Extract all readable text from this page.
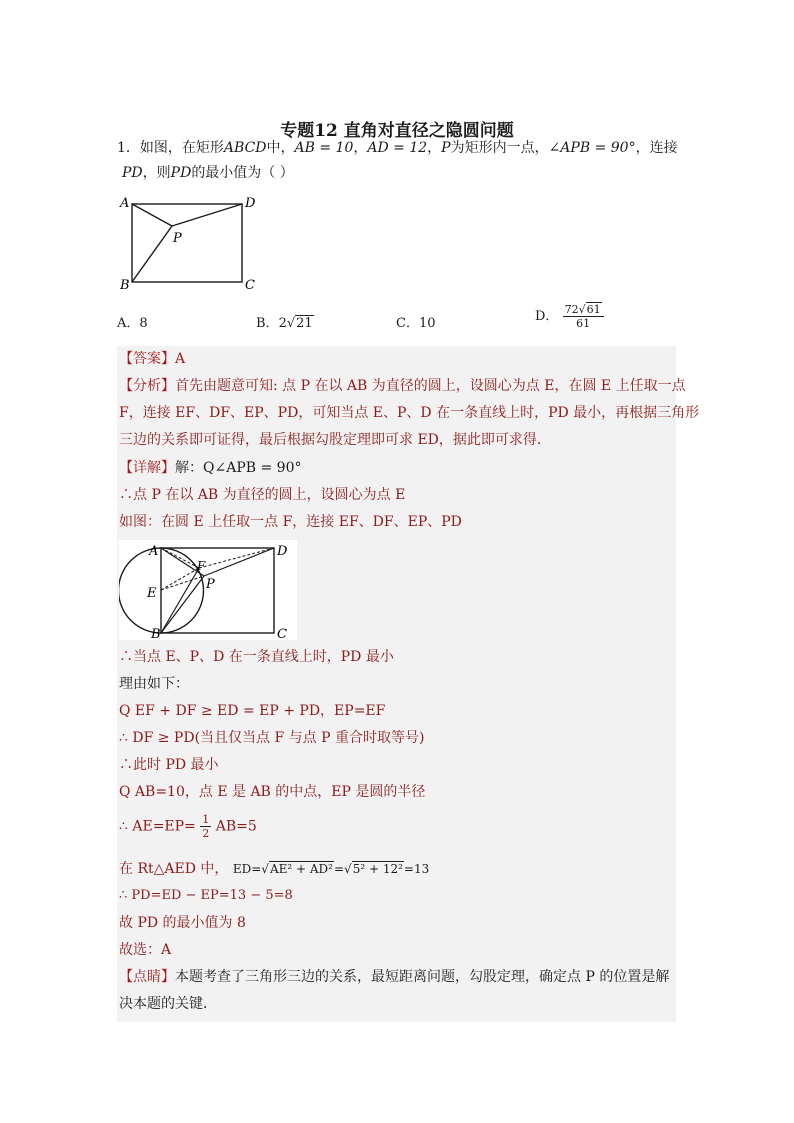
专题12 直角对直径之隐圆问题
1．如图，在矩形ABCD中，AB = 10，AD = 12，P为矩形内一点，∠APB = 90°，连接
PD，则PD的最小值为（ ）
A
B	C
D
P
A．8	B．2√21	C．10	D． $\frac{72√61}{61}$
【答案】A
【分析】首先由题意可知: 点 P 在以 AB 为直径的圆上，设圆心为点 E，在圆 E 上任取一点
F，连接 EF、DF、EP、PD，可知当点 E、P、D 在一条直线上时，PD 最小，再根据三角形
三边的关系即可证得，最后根据勾股定理即可求 ED，据此即可求得．
【详解】解：Q∠APB = 90°
∴点 P 在以 AB 为直径的圆上，设圆心为点 E
如图：在圆 E 上任取一点 F，连接 EF、DF、EP、PD
A
B	C
D
E
F
P
∴当点 E、P、D 在一条直线上时，PD 最小
理由如下：
Q EF + DF ≥ ED = EP + PD，EP=EF
∴ DF ≥ PD(当且仅当点 F 与点 P 重合时取等号)
∴此时 PD 最小
Q AB=10，点 E 是 AB 的中点，EP 是圆的半径
∴ $AE=EP= \frac{1}{2} AB=5$
在 Rt△AED 中， ED=√AE² + AD²=√5² + 12²=13
∴ PD=ED − EP=13 − 5=8
故 PD 的最小值为 8
故选：A
【点睛】本题考查了三角形三边的关系，最短距离问题，勾股定理，确定点 P 的位置是解
决本题的关键．
